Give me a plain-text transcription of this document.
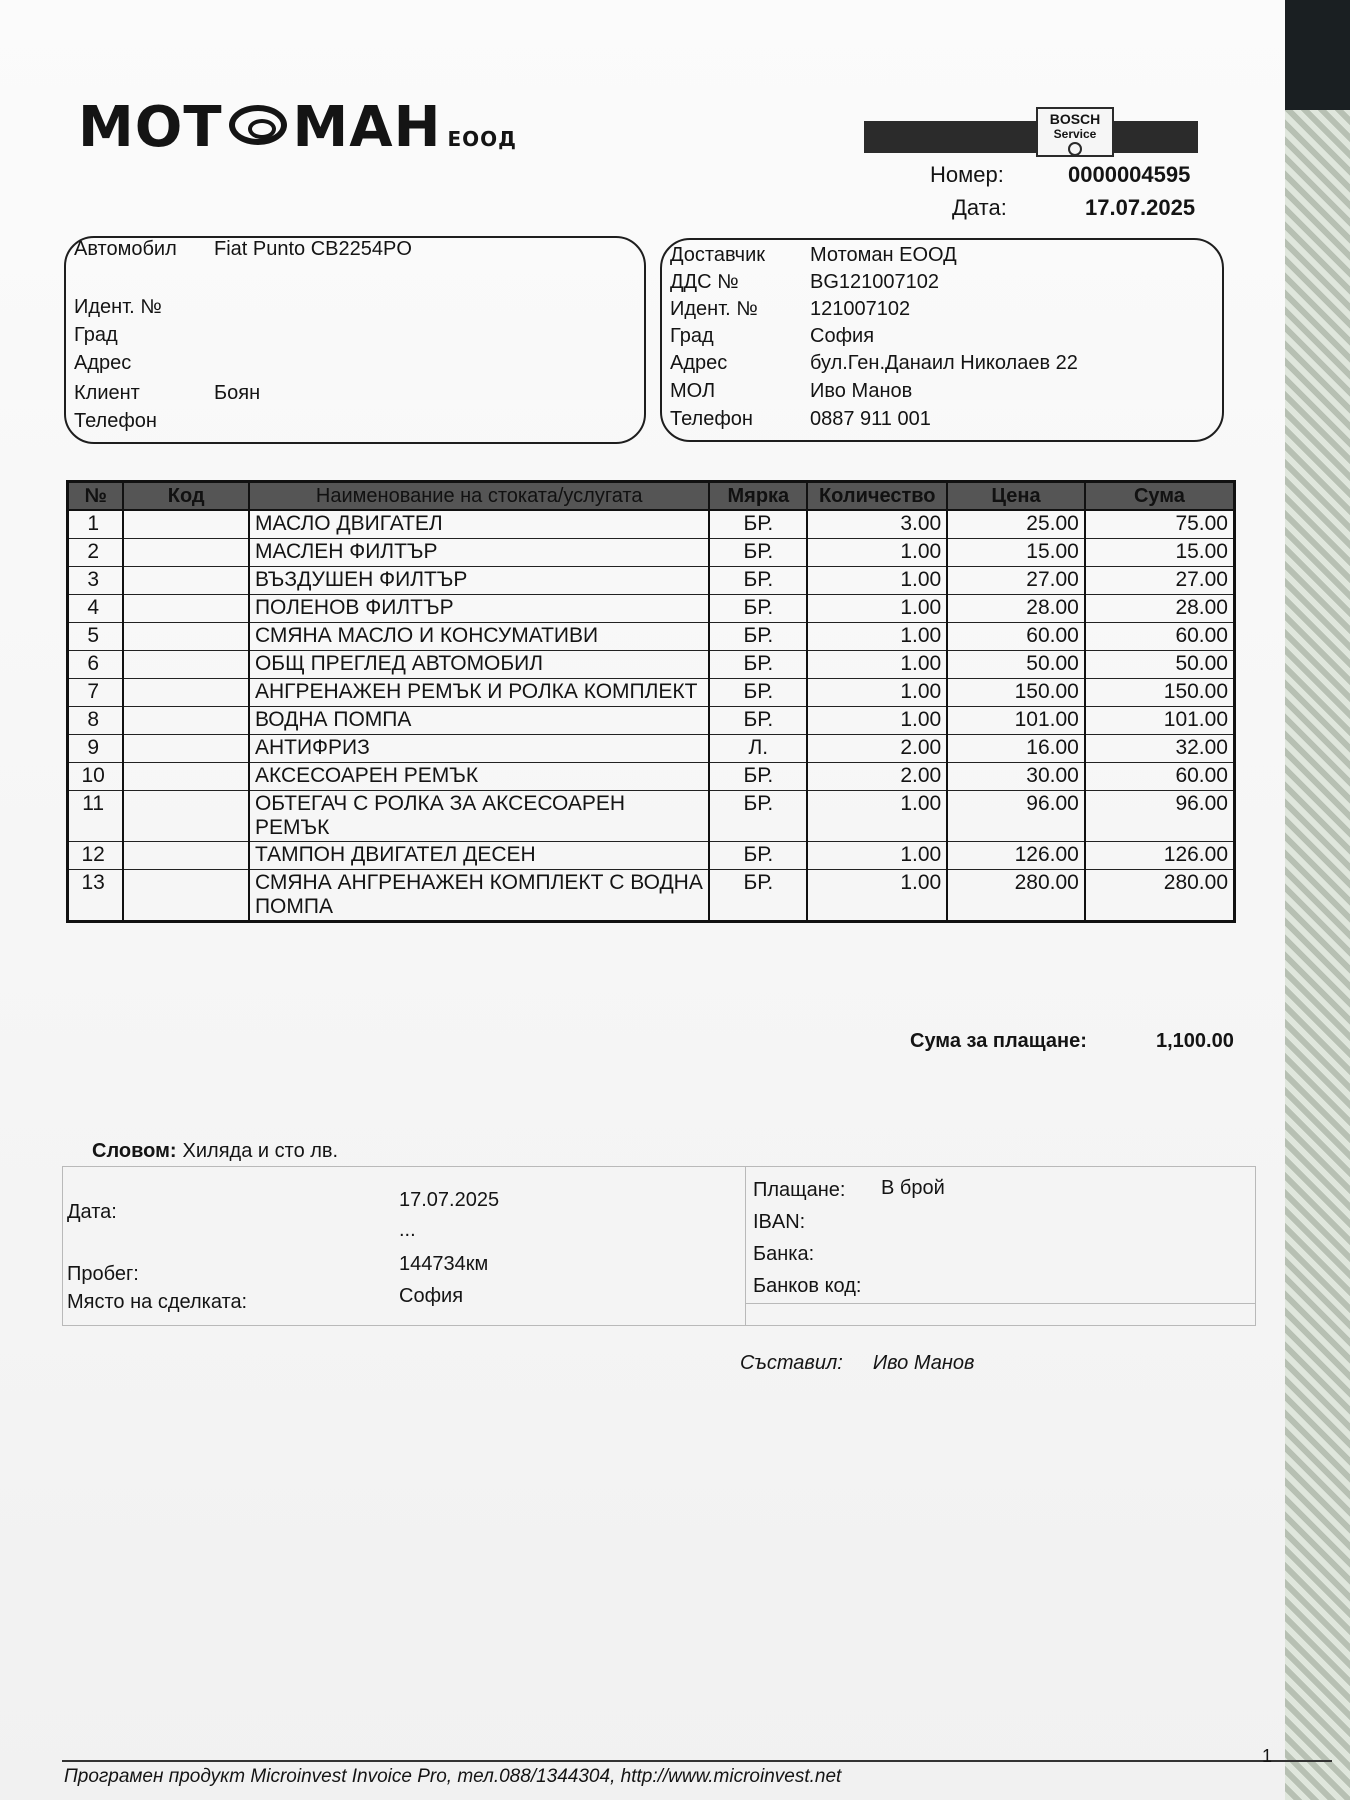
МОТ МАН ЕООД
BOSCH
Service
Номер:	0000004595
Дата:	17.07.2025
Автомобил Fiat Punto CB2254PO
Идент. №
Град
Адрес
Клиент	Боян
Телефон
Доставчик Мотоман ЕООД
ДДС №	BG121007102
Идент. №	121007102
Град	София
Адрес	бул.Ген.Данаил Николаев 22
МОЛ	Иво Манов
Телефон	0887 911 001
№	Код	Наименование на стоката/услугата	Мярка	Количество	Цена	Сума
1		МАСЛО ДВИГАТЕЛ	БР.	3.00	25.00	75.00
2		МАСЛЕН ФИЛТЪР	БР.	1.00	15.00	15.00
3		ВЪЗДУШЕН ФИЛТЪР	БР.	1.00	27.00	27.00
4		ПОЛЕНОВ ФИЛТЪР	БР.	1.00	28.00	28.00
5		СМЯНА МАСЛО И КОНСУМАТИВИ	БР.	1.00	60.00	60.00
6		ОБЩ ПРЕГЛЕД АВТОМОБИЛ	БР.	1.00	50.00	50.00
7		АНГРЕНАЖЕН РЕМЪК И РОЛКА КОМПЛЕКТ	БР.	1.00	150.00	150.00
8		ВОДНА ПОМПА	БР.	1.00	101.00	101.00
9		АНТИФРИЗ	Л.	2.00	16.00	32.00
10		АКСЕСОАРЕН РЕМЪК	БР.	2.00	30.00	60.00
11		ОБТЕГАЧ С РОЛКА ЗА АКСЕСОАРЕН РЕМЪК	БР.	1.00	96.00	96.00
12		ТАМПОН ДВИГАТЕЛ ДЕСЕН	БР.	1.00	126.00	126.00
13		СМЯНА АНГРЕНАЖЕН КОМПЛЕКТ С ВОДНА ПОМПА	БР.	1.00	280.00	280.00
Сума за плащане:	1,100.00
Словом: Хиляда и сто лв.
Дата:
17.07.2025
...
Пробег:	144734км
Място на сделката:	София
Плащане: В брой
IBAN:
Банка:
Банков код:
Съставил: Иво Манов
Програмен продукт Microinvest Invoice Pro, тел.088/1344304, http://www.microinvest.net
1
